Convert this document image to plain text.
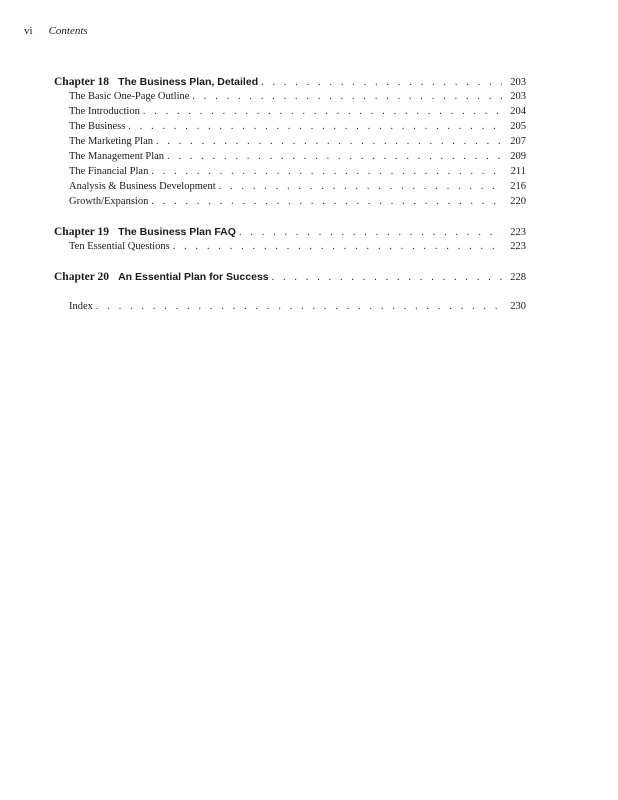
vi Contents
Chapter 18 The Business Plan, Detailed . . .	203
The Basic One-Page Outline . . .	203
The Introduction . . .	204
The Business . . .	205
The Marketing Plan . . .	207
The Management Plan . . .	209
The Financial Plan . . .	211
Analysis & Business Development . . .	216
Growth/Expansion . . .	220
Chapter 19 The Business Plan FAQ . . .	223
Ten Essential Questions . . .	223
Chapter 20 An Essential Plan for Success . . .	228
Index . . .	230
